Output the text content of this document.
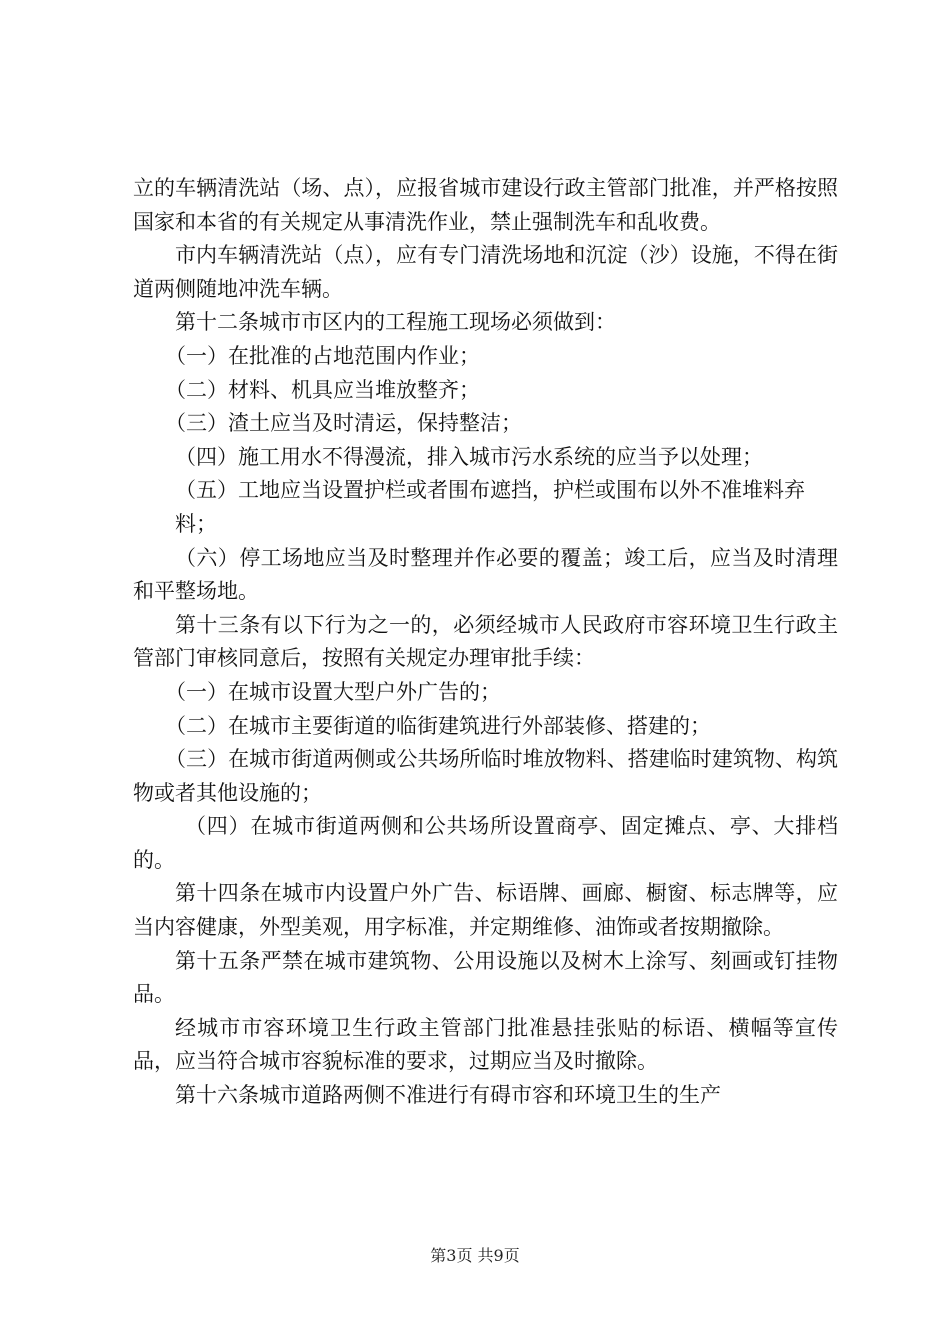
立的车辆清洗站（场、点），应报省城市建设行政主管部门批准，并严格按照国家和本省的有关规定从事清洗作业，禁止强制洗车和乱收费。

市内车辆清洗站（点），应有专门清洗场地和沉淀（沙）设施，不得在街道两侧随地冲洗车辆。

第十二条城市市区内的工程施工现场必须做到：

（一）在批准的占地范围内作业；

（二）材料、机具应当堆放整齐；

（三）渣土应当及时清运，保持整洁；

（四）施工用水不得漫流，排入城市污水系统的应当予以处理；

（五）工地应当设置护栏或者围布遮挡，护栏或围布以外不准堆料弃

料；

（六）停工场地应当及时整理并作必要的覆盖；竣工后，应当及时清理和平整场地。

第十三条有以下行为之一的，必须经城市人民政府市容环境卫生行政主管部门审核同意后，按照有关规定办理审批手续：

（一）在城市设置大型户外广告的；

（二）在城市主要街道的临街建筑进行外部装修、搭建的；

（三）在城市街道两侧或公共场所临时堆放物料、搭建临时建筑物、构筑物或者其他设施的；

（四）在城市街道两侧和公共场所设置商亭、固定摊点、亭、大排档的。

第十四条在城市内设置户外广告、标语牌、画廊、橱窗、标志牌等，应当内容健康，外型美观，用字标准，并定期维修、油饰或者按期撤除。

第十五条严禁在城市建筑物、公用设施以及树木上涂写、刻画或钉挂物品。

经城市市容环境卫生行政主管部门批准悬挂张贴的标语、横幅等宣传品，应当符合城市容貌标准的要求，过期应当及时撤除。

第十六条城市道路两侧不准进行有碍市容和环境卫生的生产

第3页 共9页
